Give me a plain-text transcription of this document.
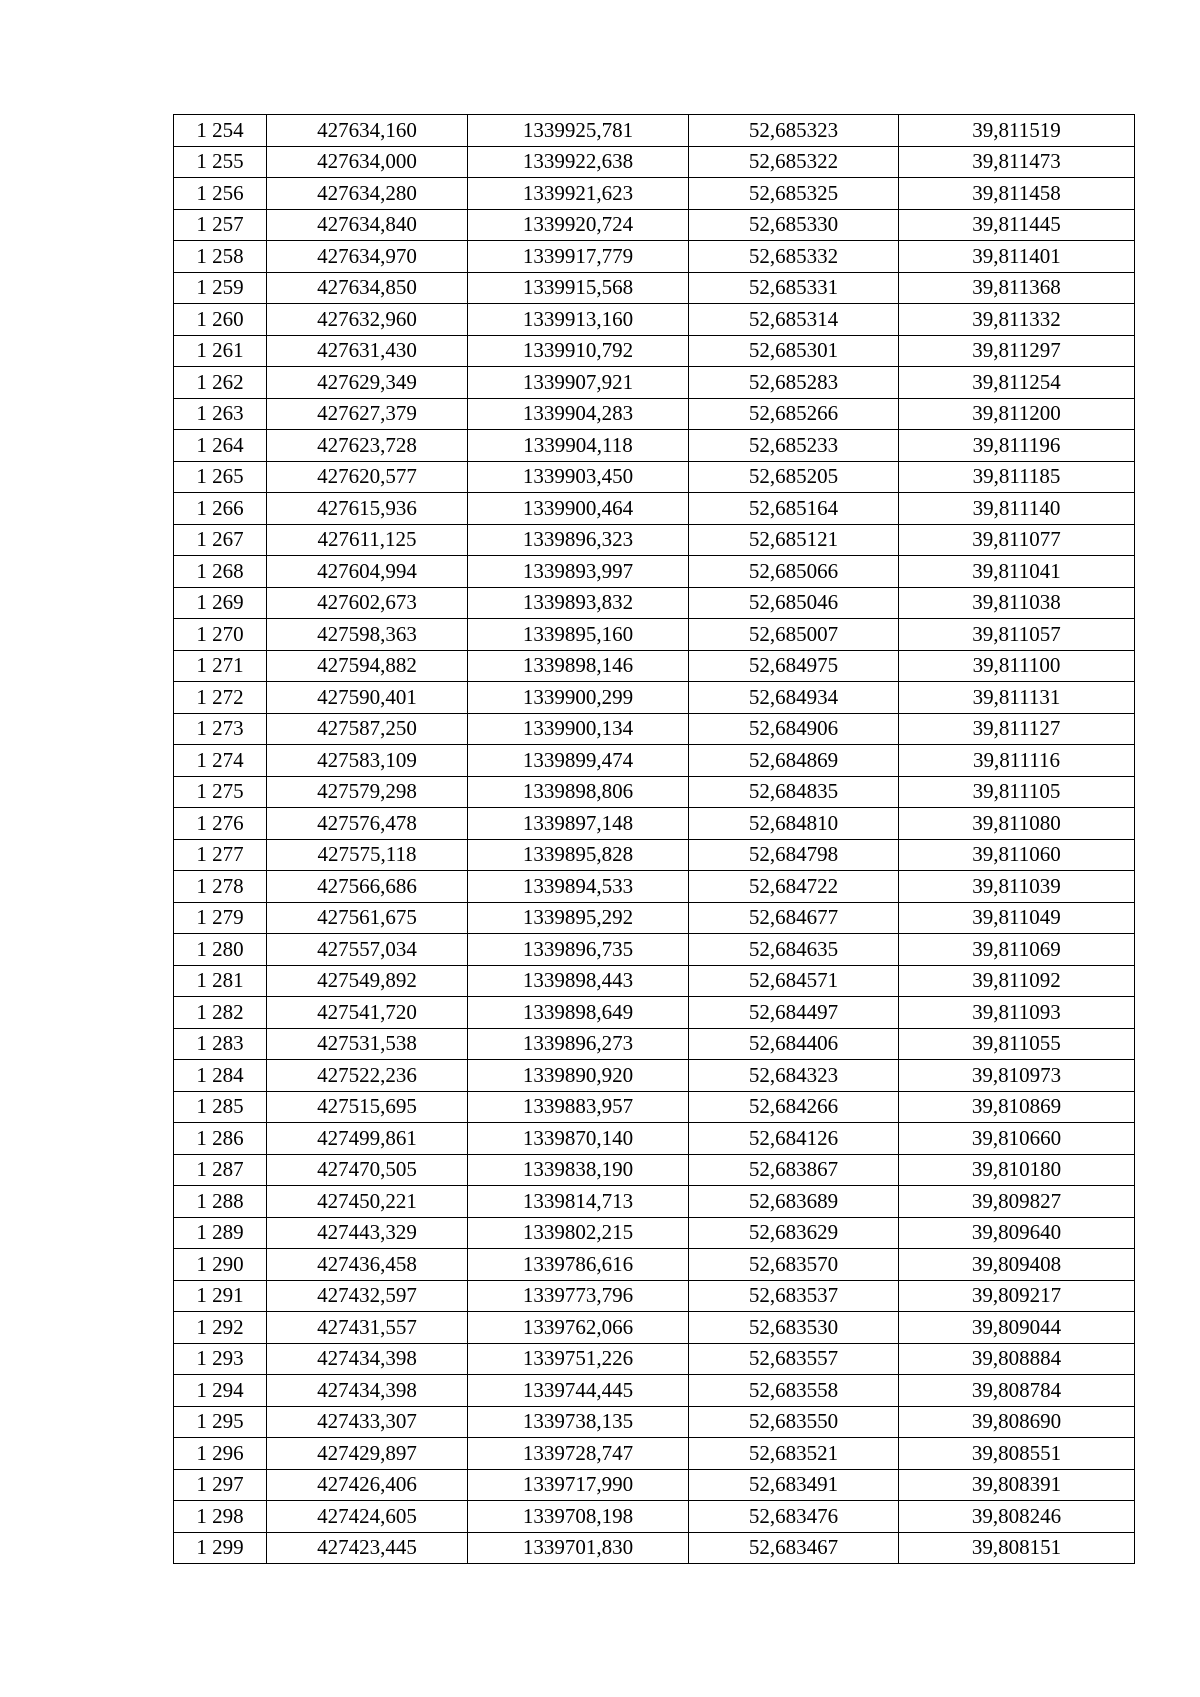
1 254	427634,160	1339925,781	52,685323	39,811519
1 255	427634,000	1339922,638	52,685322	39,811473
1 256	427634,280	1339921,623	52,685325	39,811458
1 257	427634,840	1339920,724	52,685330	39,811445
1 258	427634,970	1339917,779	52,685332	39,811401
1 259	427634,850	1339915,568	52,685331	39,811368
1 260	427632,960	1339913,160	52,685314	39,811332
1 261	427631,430	1339910,792	52,685301	39,811297
1 262	427629,349	1339907,921	52,685283	39,811254
1 263	427627,379	1339904,283	52,685266	39,811200
1 264	427623,728	1339904,118	52,685233	39,811196
1 265	427620,577	1339903,450	52,685205	39,811185
1 266	427615,936	1339900,464	52,685164	39,811140
1 267	427611,125	1339896,323	52,685121	39,811077
1 268	427604,994	1339893,997	52,685066	39,811041
1 269	427602,673	1339893,832	52,685046	39,811038
1 270	427598,363	1339895,160	52,685007	39,811057
1 271	427594,882	1339898,146	52,684975	39,811100
1 272	427590,401	1339900,299	52,684934	39,811131
1 273	427587,250	1339900,134	52,684906	39,811127
1 274	427583,109	1339899,474	52,684869	39,811116
1 275	427579,298	1339898,806	52,684835	39,811105
1 276	427576,478	1339897,148	52,684810	39,811080
1 277	427575,118	1339895,828	52,684798	39,811060
1 278	427566,686	1339894,533	52,684722	39,811039
1 279	427561,675	1339895,292	52,684677	39,811049
1 280	427557,034	1339896,735	52,684635	39,811069
1 281	427549,892	1339898,443	52,684571	39,811092
1 282	427541,720	1339898,649	52,684497	39,811093
1 283	427531,538	1339896,273	52,684406	39,811055
1 284	427522,236	1339890,920	52,684323	39,810973
1 285	427515,695	1339883,957	52,684266	39,810869
1 286	427499,861	1339870,140	52,684126	39,810660
1 287	427470,505	1339838,190	52,683867	39,810180
1 288	427450,221	1339814,713	52,683689	39,809827
1 289	427443,329	1339802,215	52,683629	39,809640
1 290	427436,458	1339786,616	52,683570	39,809408
1 291	427432,597	1339773,796	52,683537	39,809217
1 292	427431,557	1339762,066	52,683530	39,809044
1 293	427434,398	1339751,226	52,683557	39,808884
1 294	427434,398	1339744,445	52,683558	39,808784
1 295	427433,307	1339738,135	52,683550	39,808690
1 296	427429,897	1339728,747	52,683521	39,808551
1 297	427426,406	1339717,990	52,683491	39,808391
1 298	427424,605	1339708,198	52,683476	39,808246
1 299	427423,445	1339701,830	52,683467	39,808151
